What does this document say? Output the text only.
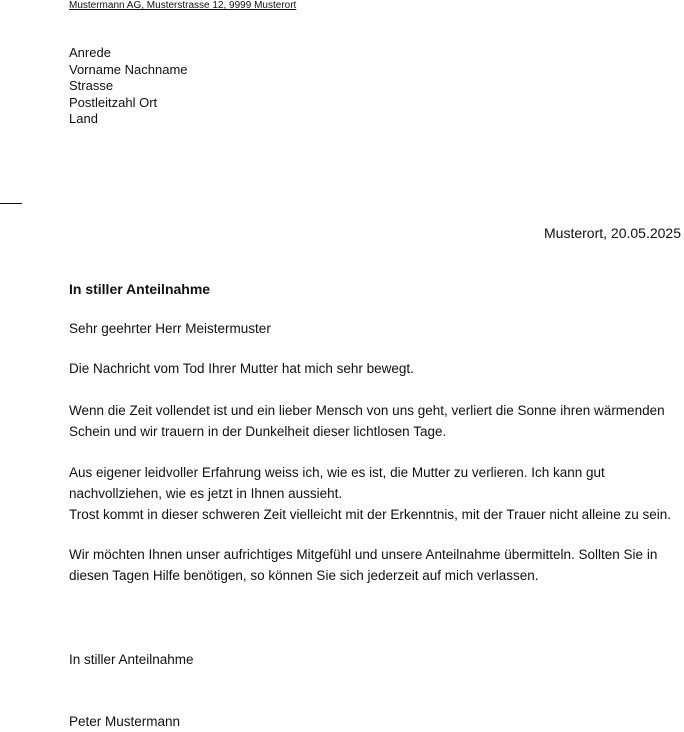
Mustermann AG, Musterstrasse 12, 9999 Musterort
Anrede
Vorname Nachname
Strasse
Postleitzahl Ort
Land
Musterort, 20.05.2025
In stiller Anteilnahme
Sehr geehrter Herr Meistermuster
Die Nachricht vom Tod Ihrer Mutter hat mich sehr bewegt.
Wenn die Zeit vollendet ist und ein lieber Mensch von uns geht, verliert die Sonne ihren wärmenden Schein und wir trauern in der Dunkelheit dieser lichtlosen Tage.
Aus eigener leidvoller Erfahrung weiss ich, wie es ist, die Mutter zu verlieren. Ich kann gut nachvollziehen, wie es jetzt in Ihnen aussieht.
Trost kommt in dieser schweren Zeit vielleicht mit der Erkenntnis, mit der Trauer nicht alleine zu sein.
Wir möchten Ihnen unser aufrichtiges Mitgefühl und unsere Anteilnahme übermitteln. Sollten Sie in diesen Tagen Hilfe benötigen, so können Sie sich jederzeit auf mich verlassen.
In stiller Anteilnahme
Peter Mustermann
